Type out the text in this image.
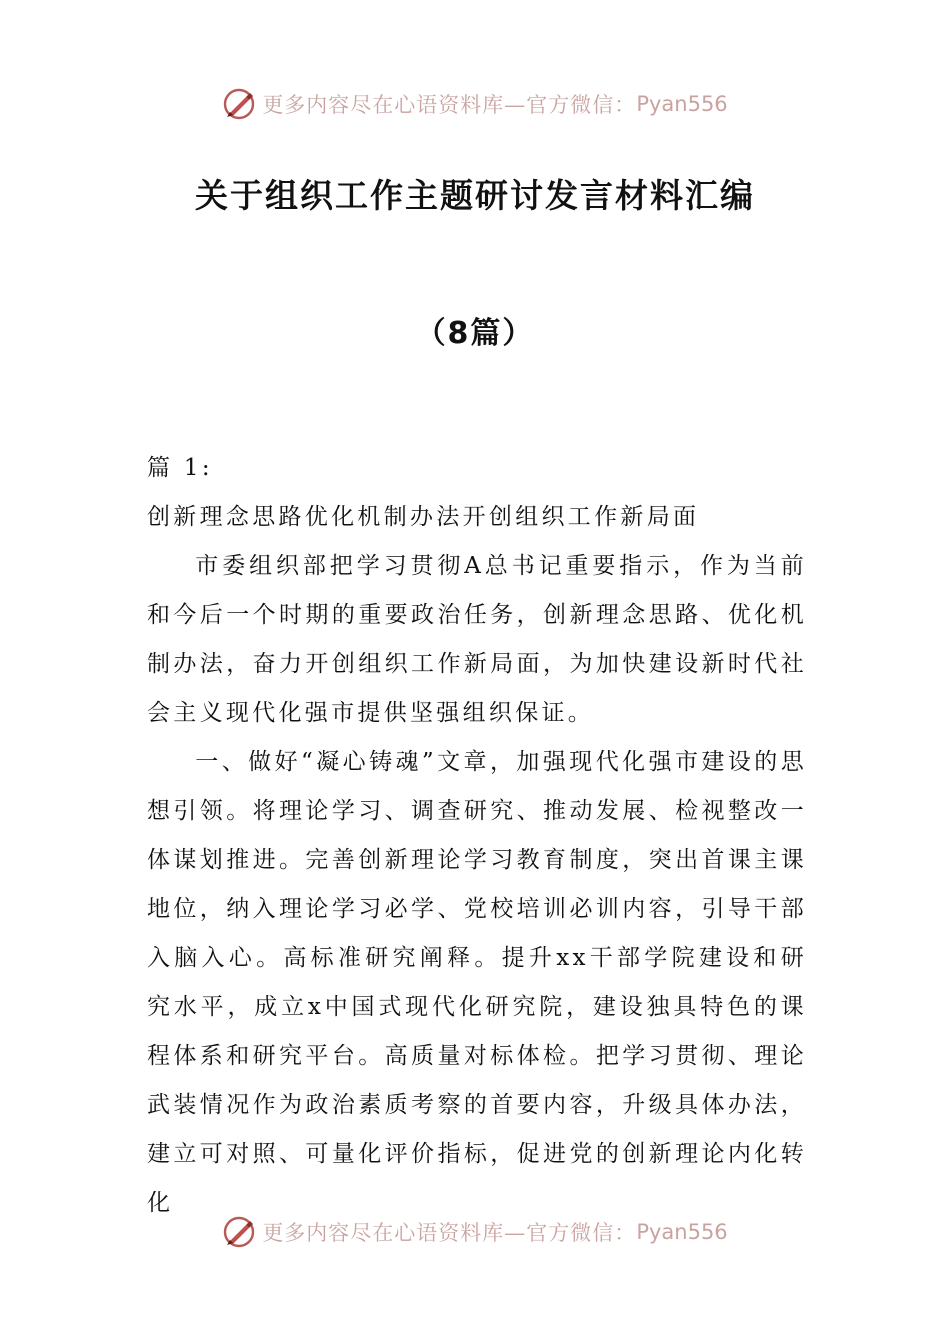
更多内容尽在心语资料库—官方微信： Pyan556
关于组织工作主题研讨发言材料汇编
（8篇）

篇 1:

创新理念思路优化机制办法开创组织工作新局面

市委组织部把学习贯彻A总书记重要指示，作为当前和今后一个时期的重要政治任务，创新理念思路、优化机制办法，奋力开创组织工作新局面，为加快建设新时代社会主义现代化强市提供坚强组织保证。

一、做好“凝心铸魂”文章，加强现代化强市建设的思想引领。将理论学习、调查研究、推动发展、检视整改一体谋划推进。完善创新理论学习教育制度，突出首课主课地位，纳入理论学习必学、党校培训必训内容，引导干部入脑入心。高标准研究阐释。提升xx干部学院建设和研究水平，成立x中国式现代化研究院，建设独具特色的课程体系和研究平台。高质量对标体检。把学习贯彻、理论武装情况作为政治素质考察的首要内容，升级具体办法，建立可对照、可量化评价指标，促进党的创新理论内化转化

更多内容尽在心语资料库—官方微信： Pyan556
